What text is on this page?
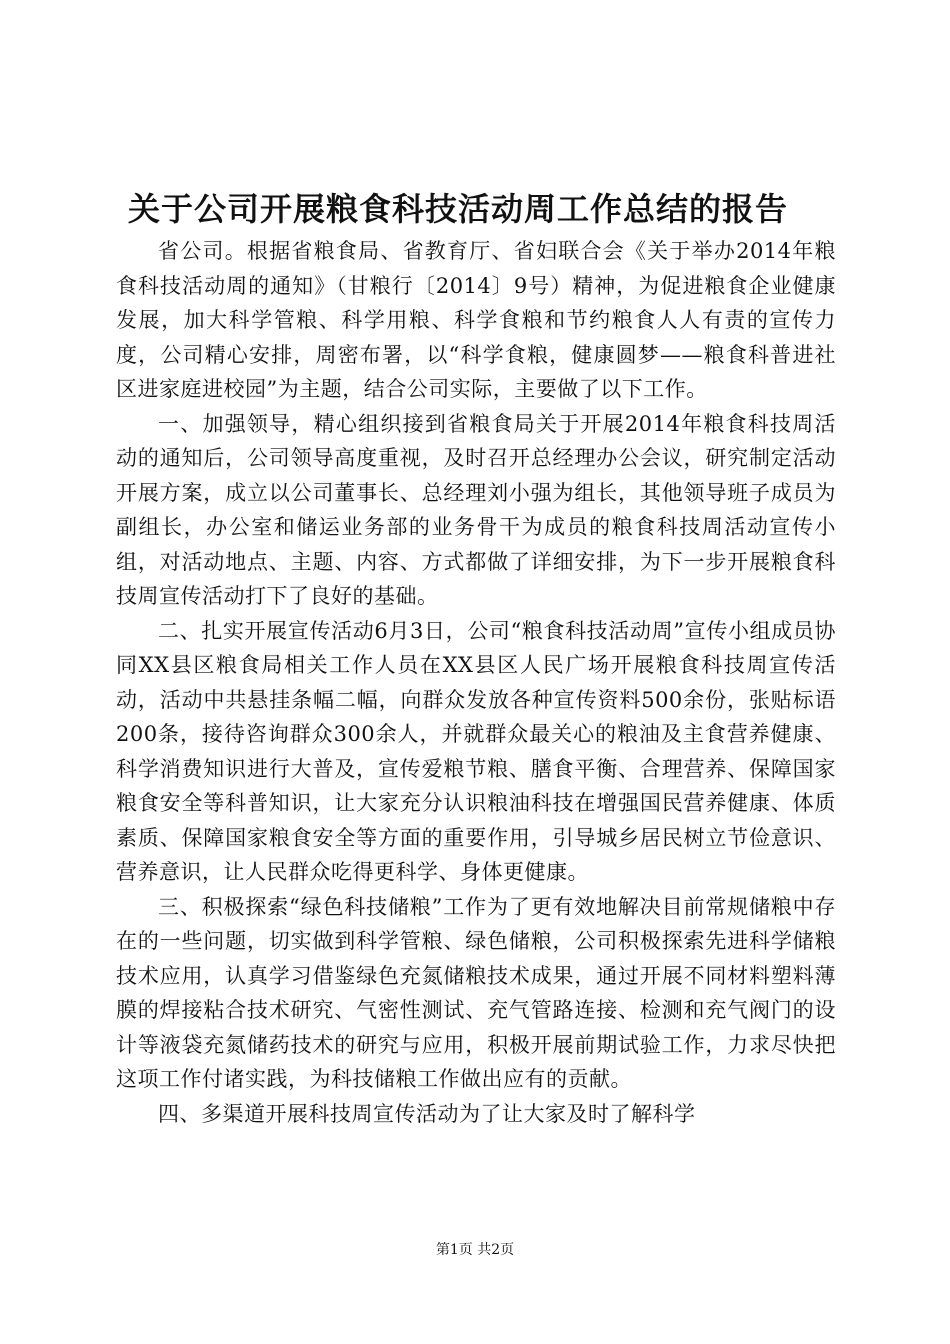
关于公司开展粮食科技活动周工作总结的报告

省公司。根据省粮食局、省教育厅、省妇联合会《关于举办2014年粮食科技活动周的通知》（甘粮行〔2014〕9号）精神，为促进粮食企业健康发展，加大科学管粮、科学用粮、科学食粮和节约粮食人人有责的宣传力度，公司精心安排，周密布署，以“科学食粮，健康圆梦——粮食科普进社区进家庭进校园”为主题，结合公司实际，主要做了以下工作。

一、加强领导，精心组织接到省粮食局关于开展2014年粮食科技周活动的通知后，公司领导高度重视，及时召开总经理办公会议，研究制定活动开展方案，成立以公司董事长、总经理刘小强为组长，其他领导班子成员为副组长，办公室和储运业务部的业务骨干为成员的粮食科技周活动宣传小组，对活动地点、主题、内容、方式都做了详细安排，为下一步开展粮食科技周宣传活动打下了良好的基础。

二、扎实开展宣传活动6月3日，公司“粮食科技活动周”宣传小组成员协同XX县区粮食局相关工作人员在XX县区人民广场开展粮食科技周宣传活动，活动中共悬挂条幅二幅，向群众发放各种宣传资料500余份，张贴标语200条，接待咨询群众300余人，并就群众最关心的粮油及主食营养健康、科学消费知识进行大普及，宣传爱粮节粮、膳食平衡、合理营养、保障国家粮食安全等科普知识，让大家充分认识粮油科技在增强国民营养健康、体质素质、保障国家粮食安全等方面的重要作用，引导城乡居民树立节俭意识、营养意识，让人民群众吃得更科学、身体更健康。

三、积极探索“绿色科技储粮”工作为了更有效地解决目前常规储粮中存在的一些问题，切实做到科学管粮、绿色储粮，公司积极探索先进科学储粮技术应用，认真学习借鉴绿色充氮储粮技术成果，通过开展不同材料塑料薄膜的焊接粘合技术研究、气密性测试、充气管路连接、检测和充气阀门的设计等液袋充氮储药技术的研究与应用，积极开展前期试验工作，力求尽快把这项工作付诸实践，为科技储粮工作做出应有的贡献。

四、多渠道开展科技周宣传活动为了让大家及时了解科学

第1页 共2页
